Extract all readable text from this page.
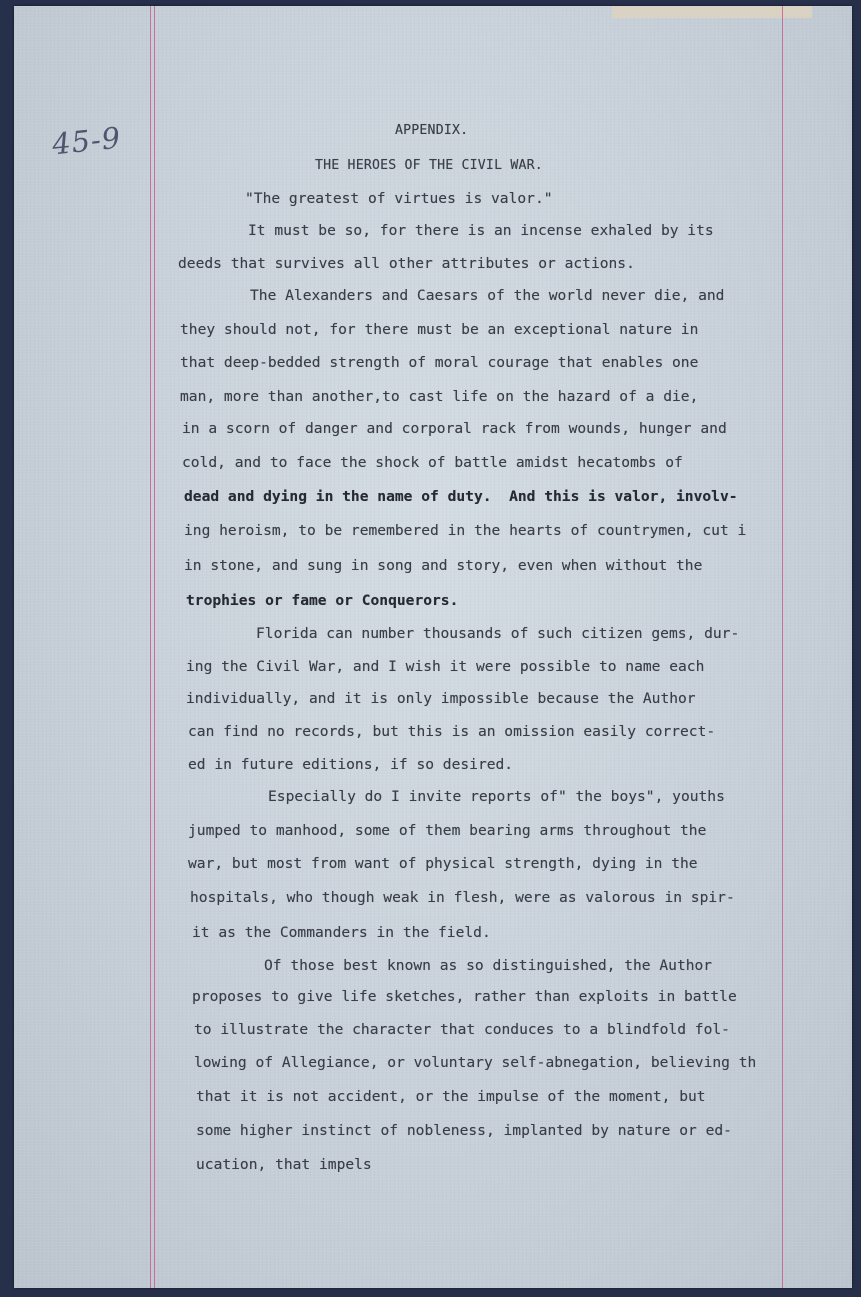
45-9	APPENDIX.
THE HEROES OF THE CIVIL WAR.
"The greatest of virtues is valor."
It must be so, for there is an incense exhaled by its
deeds that survives all other attributes or actions.
The Alexanders and Caesars of the world never die, and
they should not, for there must be an exceptional nature in
that deep-bedded strength of moral courage that enables one
man, more than another,to cast life on the hazard of a die,
in a scorn of danger and corporal rack from wounds, hunger and
cold, and to face the shock of battle amidst hecatombs of
dead and dying in the name of duty.  And this is valor, involv-
ing heroism, to be remembered in the hearts of countrymen, cut i
in stone, and sung in song and story, even when without the
trophies or fame or Conquerors.
Florida can number thousands of such citizen gems, dur-
ing the Civil War, and I wish it were possible to name each
individually, and it is only impossible because the Author
can find no records, but this is an omission easily correct-
ed in future editions, if so desired.
Especially do I invite reports of" the boys", youths
jumped to manhood, some of them bearing arms throughout the
war, but most from want of physical strength, dying in the
hospitals, who though weak in flesh, were as valorous in spir-
it as the Commanders in the field.
Of those best known as so distinguished, the Author
proposes to give life sketches, rather than exploits in battle
to illustrate the character that conduces to a blindfold fol-
lowing of Allegiance, or voluntary self-abnegation, believing th
that it is not accident, or the impulse of the moment, but
some higher instinct of nobleness, implanted by nature or ed-
ucation, that impels
